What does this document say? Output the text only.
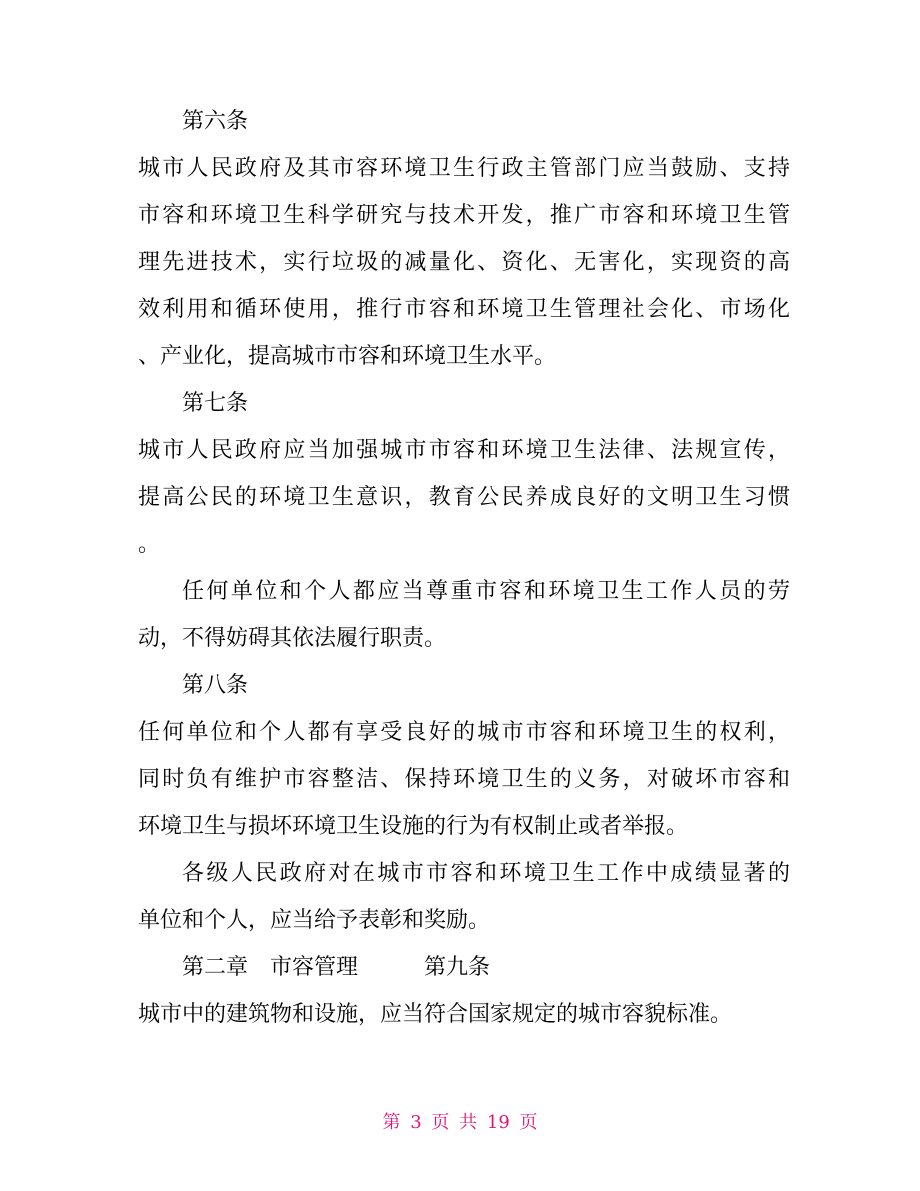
第六条
城市人民政府及其市容环境卫生行政主管部门应当鼓励、支持
市容和环境卫生科学研究与技术开发，推广市容和环境卫生管
理先进技术，实行垃圾的减量化、资化、无害化，实现资的高
效利用和循环使用，推行市容和环境卫生管理社会化、市场化
、产业化，提高城市市容和环境卫生水平。
第七条
城市人民政府应当加强城市市容和环境卫生法律、法规宣传，
提高公民的环境卫生意识，教育公民养成良好的文明卫生习惯
。
任何单位和个人都应当尊重市容和环境卫生工作人员的劳
动，不得妨碍其依法履行职责。
第八条
任何单位和个人都有享受良好的城市市容和环境卫生的权利，
同时负有维护市容整洁、保持环境卫生的义务，对破坏市容和
环境卫生与损坏环境卫生设施的行为有权制止或者举报。
各级人民政府对在城市市容和环境卫生工作中成绩显著的
单位和个人，应当给予表彰和奖励。
第二章 市容管理	第九条
城市中的建筑物和设施，应当符合国家规定的城市容貌标准。
第 3 页 共 19 页
